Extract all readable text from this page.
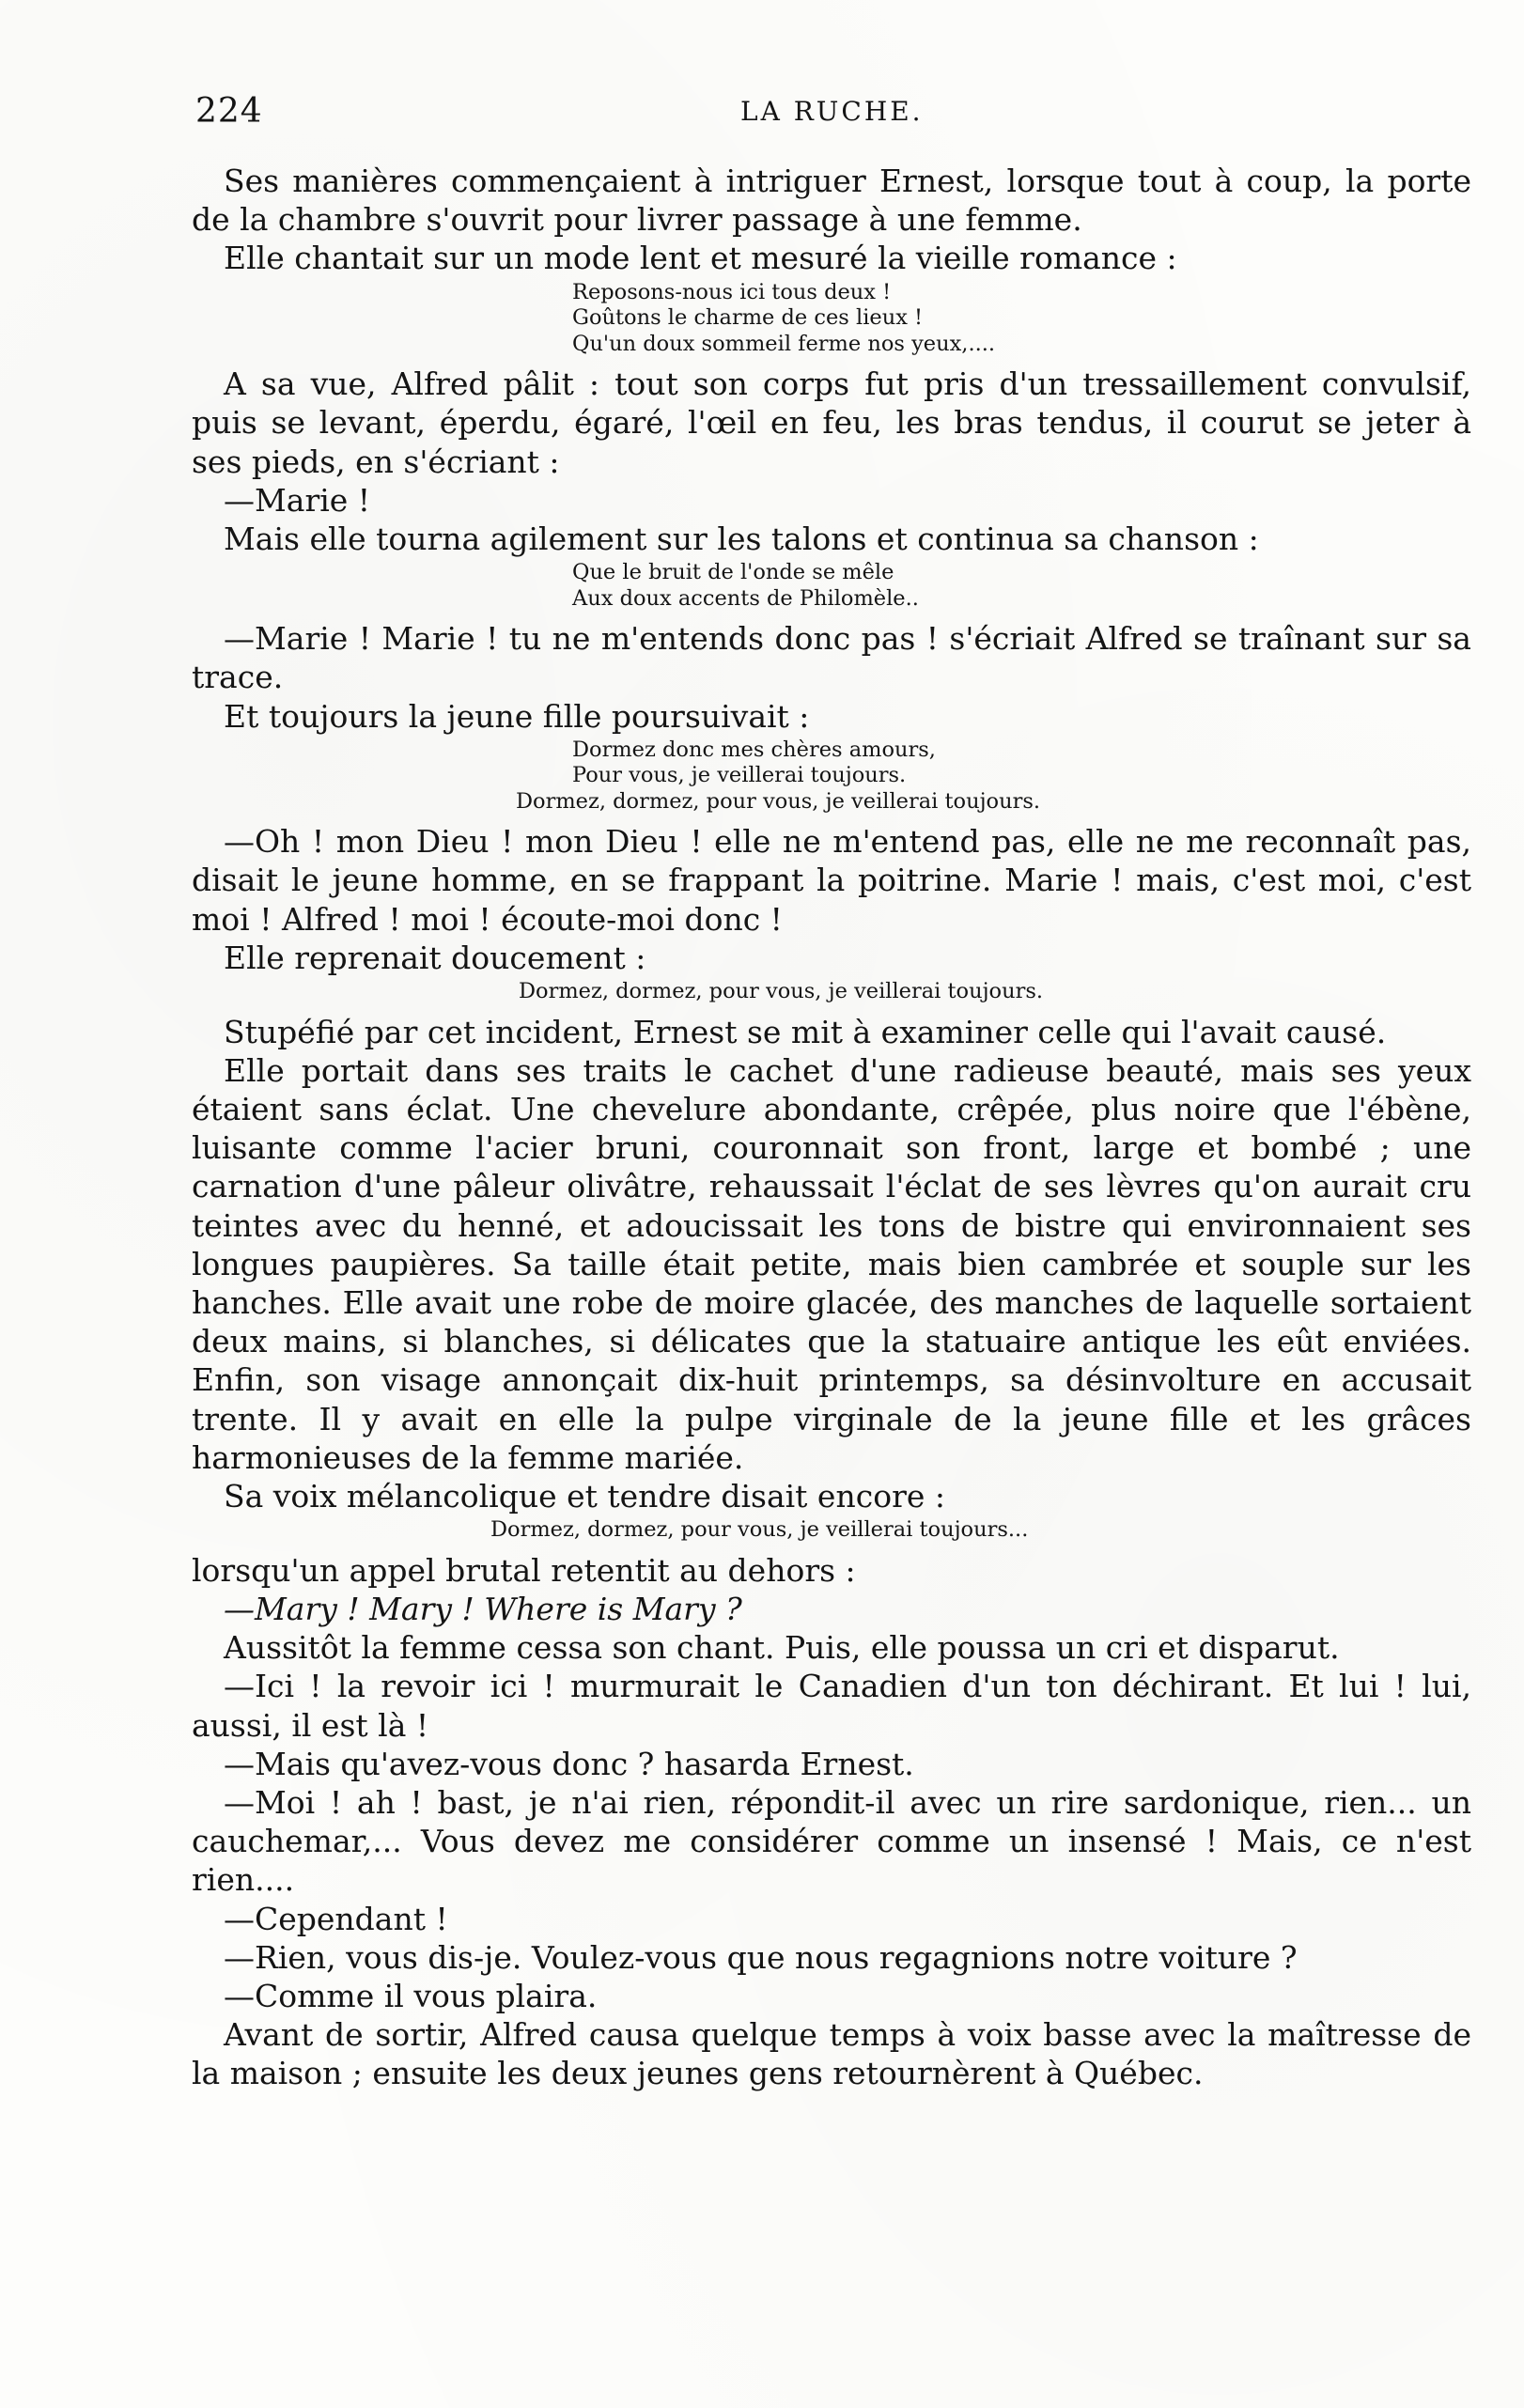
224	LA RUCHE.

Ses manières commençaient à intriguer Ernest, lorsque tout à coup, la porte de la chambre s'ouvrit pour livrer passage à une femme.

Elle chantait sur un mode lent et mesuré la vieille romance :

Reposons-nous ici tous deux !
Goûtons le charme de ces lieux !
Qu'un doux sommeil ferme nos yeux,....

A sa vue, Alfred pâlit : tout son corps fut pris d'un tressaillement convulsif, puis se levant, éperdu, égaré, l'œil en feu, les bras tendus, il courut se jeter à ses pieds, en s'écriant :

—Marie !

Mais elle tourna agilement sur les talons et continua sa chanson :

Que le bruit de l'onde se mêle
Aux doux accents de Philomèle..

—Marie ! Marie ! tu ne m'entends donc pas ! s'écriait Alfred se traînant sur sa trace.

Et toujours la jeune fille poursuivait :

Dormez donc mes chères amours,
Pour vous, je veillerai toujours.
Dormez, dormez, pour vous, je veillerai toujours.

—Oh ! mon Dieu ! mon Dieu ! elle ne m'entend pas, elle ne me reconnaît pas, disait le jeune homme, en se frappant la poitrine. Marie ! mais, c'est moi, c'est moi ! Alfred ! moi ! écoute-moi donc !

Elle reprenait doucement :

Dormez, dormez, pour vous, je veillerai toujours.

Stupéfié par cet incident, Ernest se mit à examiner celle qui l'avait causé.

Elle portait dans ses traits le cachet d'une radieuse beauté, mais ses yeux étaient sans éclat. Une chevelure abondante, crêpée, plus noire que l'ébène, luisante comme l'acier bruni, couronnait son front, large et bombé ; une carnation d'une pâleur olivâtre, rehaussait l'éclat de ses lèvres qu'on aurait cru teintes avec du henné, et adoucissait les tons de bistre qui environnaient ses longues paupières. Sa taille était petite, mais bien cambrée et souple sur les hanches. Elle avait une robe de moire glacée, des manches de laquelle sortaient deux mains, si blanches, si délicates que la statuaire antique les eût enviées. Enfin, son visage annonçait dix-huit printemps, sa désinvolture en accusait trente. Il y avait en elle la pulpe virginale de la jeune fille et les grâces harmonieuses de la femme mariée.

Sa voix mélancolique et tendre disait encore :

Dormez, dormez, pour vous, je veillerai toujours...

lorsqu'un appel brutal retentit au dehors :

—Mary ! Mary ! Where is Mary ?

Aussitôt la femme cessa son chant. Puis, elle poussa un cri et disparut.

—Ici ! la revoir ici ! murmurait le Canadien d'un ton déchirant. Et lui ! lui, aussi, il est là !

—Mais qu'avez-vous donc ? hasarda Ernest.

—Moi ! ah ! bast, je n'ai rien, répondit-il avec un rire sardonique, rien... un cauchemar,... Vous devez me considérer comme un insensé ! Mais, ce n'est rien....

—Cependant !

—Rien, vous dis-je. Voulez-vous que nous regagnions notre voiture ?

—Comme il vous plaira.

Avant de sortir, Alfred causa quelque temps à voix basse avec la maîtresse de la maison ; ensuite les deux jeunes gens retournèrent à Québec.
